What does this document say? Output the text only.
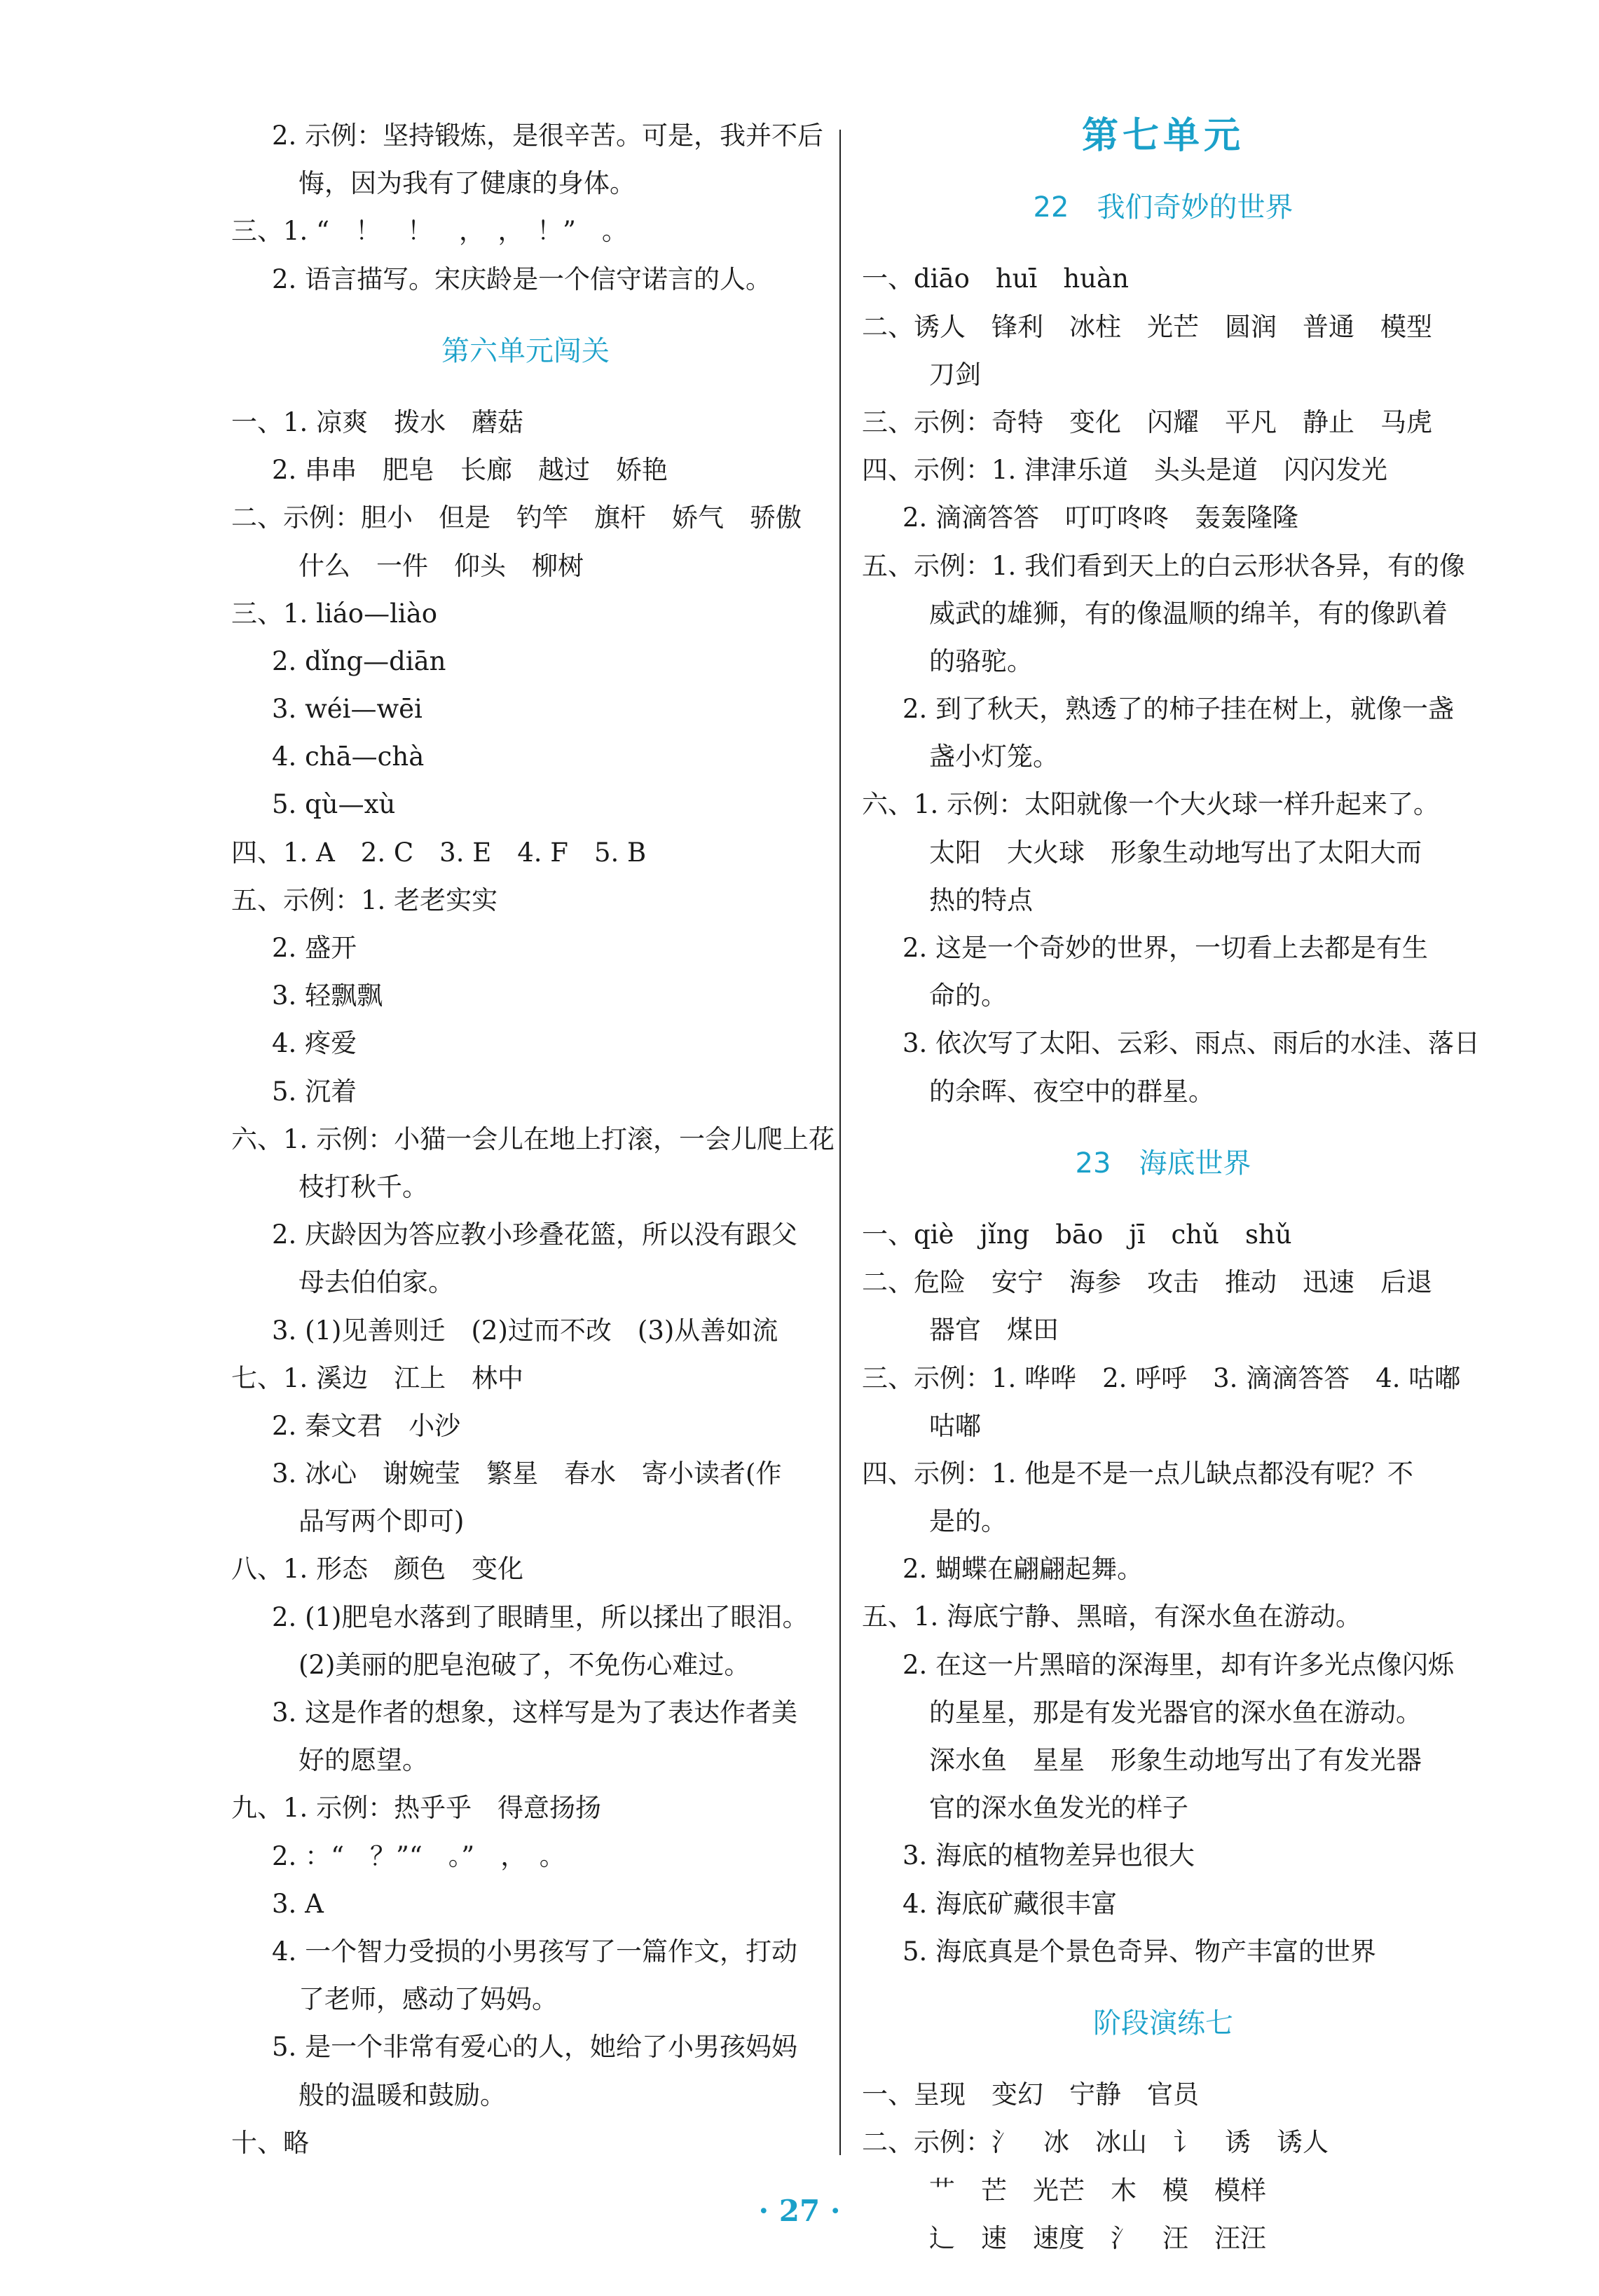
2. 示例：坚持锻炼，是很辛苦。可是，我并不后
悔，因为我有了健康的身体。
三、1. “　！　！　，　，　！”　。
2. 语言描写。宋庆龄是一个信守诺言的人。
第六单元闯关
一、1. 凉爽　拨水　蘑菇
2. 串串　肥皂　长廊　越过　娇艳
二、示例：胆小　但是　钓竿　旗杆　娇气　骄傲
什么　一件　仰头　柳树
三、1. liáo—liào
2. dǐng—diān
3. wéi—wēi
4. chā—chà
5. qù—xù
四、1. A　2. C　3. E　4. F　5. B
五、示例：1. 老老实实
2. 盛开
3. 轻飘飘
4. 疼爱
5. 沉着
六、1. 示例：小猫一会儿在地上打滚，一会儿爬上花
枝打秋千。
2. 庆龄因为答应教小珍叠花篮，所以没有跟父
母去伯伯家。
3. (1)见善则迁　(2)过而不改　(3)从善如流
七、1. 溪边　江上　林中
2. 秦文君　小沙
3. 冰心　谢婉莹　繁星　春水　寄小读者(作
品写两个即可)
八、1. 形态　颜色　变化
2. (1)肥皂水落到了眼睛里，所以揉出了眼泪。
(2)美丽的肥皂泡破了，不免伤心难过。
3. 这是作者的想象，这样写是为了表达作者美
好的愿望。
九、1. 示例：热乎乎　得意扬扬
2. ：“　？”“　。”　，　。
3. A
4. 一个智力受损的小男孩写了一篇作文，打动
了老师，感动了妈妈。
5. 是一个非常有爱心的人，她给了小男孩妈妈
般的温暖和鼓励。
十、略
第七单元
22　我们奇妙的世界
一、diāo　huī　huàn
二、诱人　锋利　冰柱　光芒　圆润　普通　模型
刀剑
三、示例：奇特　变化　闪耀　平凡　静止　马虎
四、示例：1. 津津乐道　头头是道　闪闪发光
2. 滴滴答答　叮叮咚咚　轰轰隆隆
五、示例：1. 我们看到天上的白云形状各异，有的像
威武的雄狮，有的像温顺的绵羊，有的像趴着
的骆驼。
2. 到了秋天，熟透了的柿子挂在树上，就像一盏
盏小灯笼。
六、1. 示例：太阳就像一个大火球一样升起来了。
太阳　大火球　形象生动地写出了太阳大而
热的特点
2. 这是一个奇妙的世界，一切看上去都是有生
命的。
3. 依次写了太阳、云彩、雨点、雨后的水洼、落日
的余晖、夜空中的群星。
23　海底世界
一、qiè　jǐng　bāo　jī　chǔ　shǔ
二、危险　安宁　海参　攻击　推动　迅速　后退
器官　煤田
三、示例：1. 哗哗　2. 呼呼　3. 滴滴答答　4. 咕嘟
咕嘟
四、示例：1. 他是不是一点儿缺点都没有呢？不
是的。
2. 蝴蝶在翩翩起舞。
五、1. 海底宁静、黑暗，有深水鱼在游动。
2. 在这一片黑暗的深海里，却有许多光点像闪烁
的星星，那是有发光器官的深水鱼在游动。
深水鱼　星星　形象生动地写出了有发光器
官的深水鱼发光的样子
3. 海底的植物差异也很大
4. 海底矿藏很丰富
5. 海底真是个景色奇异、物产丰富的世界
阶段演练七
一、呈现　变幻　宁静　官员
二、示例：氵　冰　冰山　讠　诱　诱人
艹　芒　光芒　木　模　模样
辶　速　速度　氵　汪　汪汪
· 27 ·
